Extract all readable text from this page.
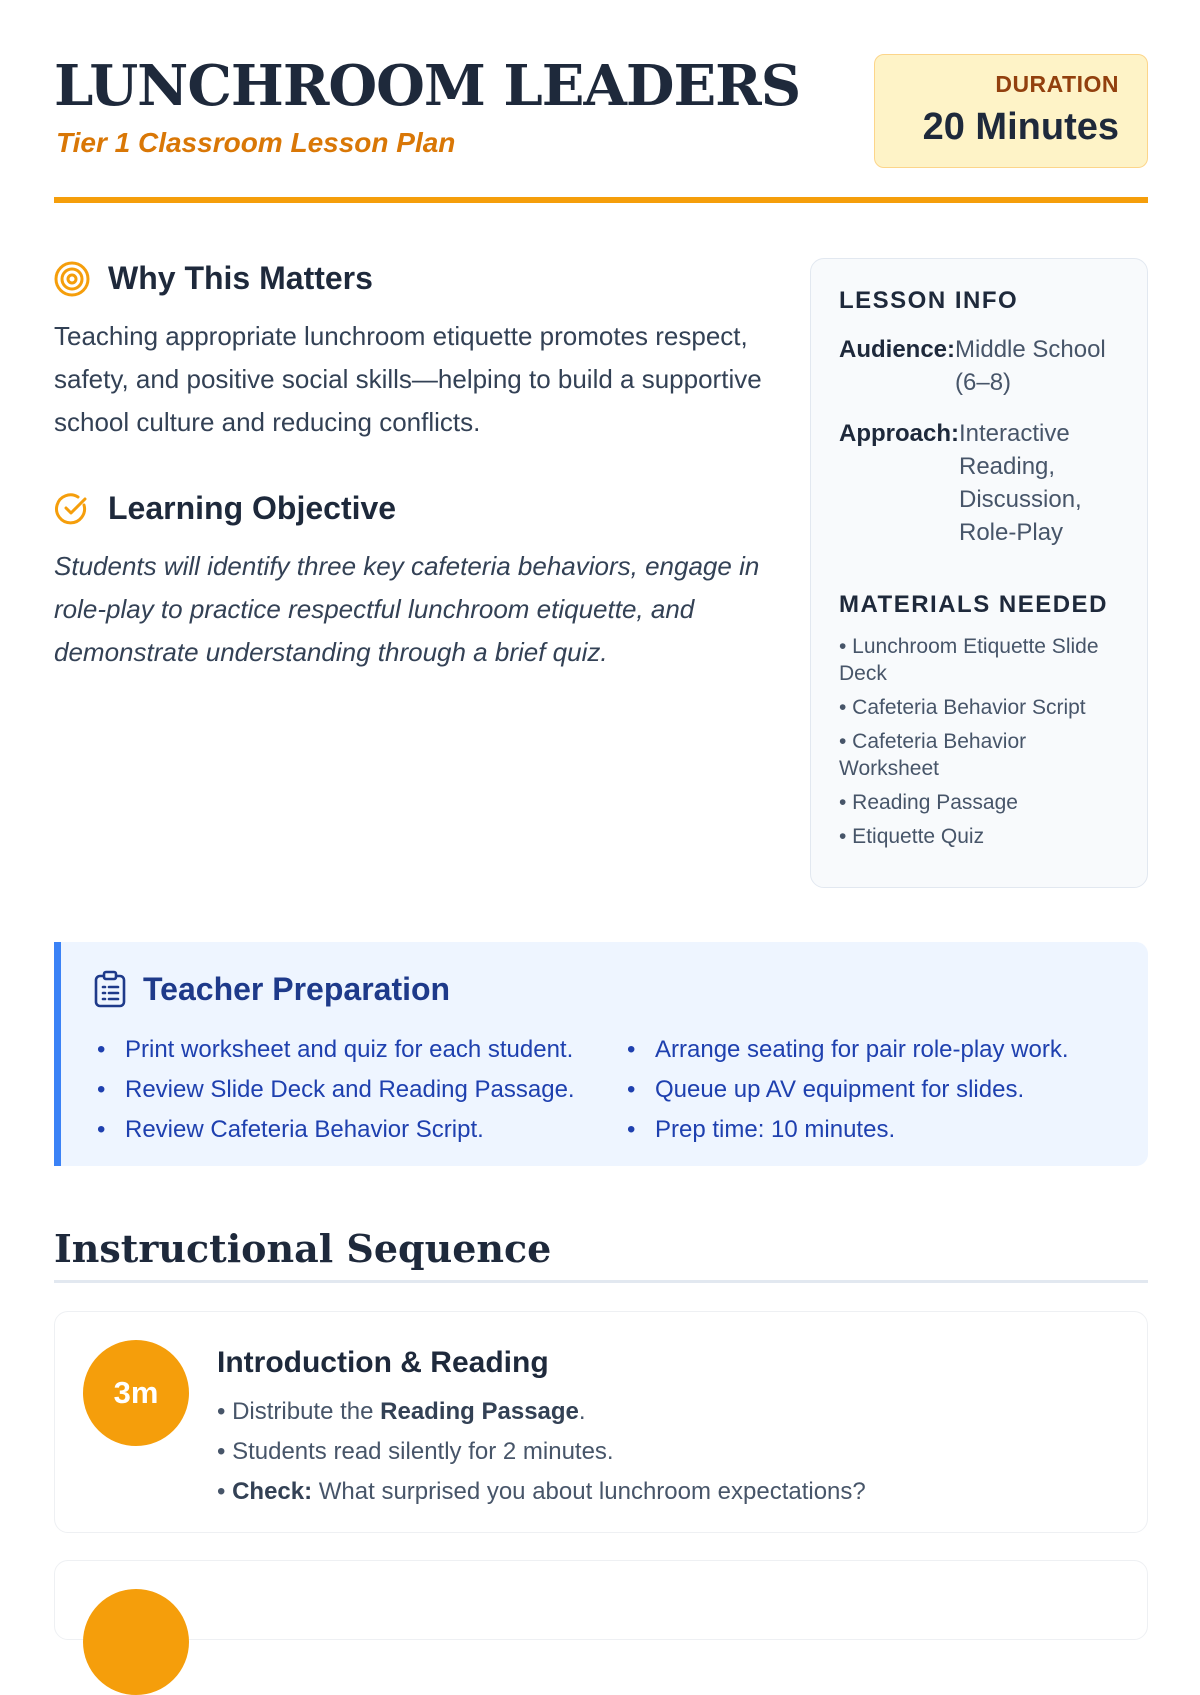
LUNCHROOM LEADERS

Tier 1 Classroom Lesson Plan

DURATION
20 Minutes
Why This Matters

Teaching appropriate lunchroom etiquette promotes respect, safety, and positive social skills—helping to build a supportive school culture and reducing conflicts.

Learning Objective

Students will identify three key cafeteria behaviors, engage in role-play to practice respectful lunchroom etiquette, and demonstrate understanding through a brief quiz.

LESSON INFO
Audience: Middle School (6–8)
Approach: Interactive Reading, Discussion, Role-Play
MATERIALS NEEDED
• Lunchroom Etiquette Slide Deck
• Cafeteria Behavior Script
• Cafeteria Behavior Worksheet
• Reading Passage
• Etiquette Quiz
Teacher Preparation
• Print worksheet and quiz for each student.
• Review Slide Deck and Reading Passage.
• Review Cafeteria Behavior Script.
• Arrange seating for pair role-play work.
• Queue up AV equipment for slides.
• Prep time: 10 minutes.
Instructional Sequence
3m
Introduction & Reading
• Distribute the Reading Passage.
• Students read silently for 2 minutes.
• Check: What surprised you about lunchroom expectations?
